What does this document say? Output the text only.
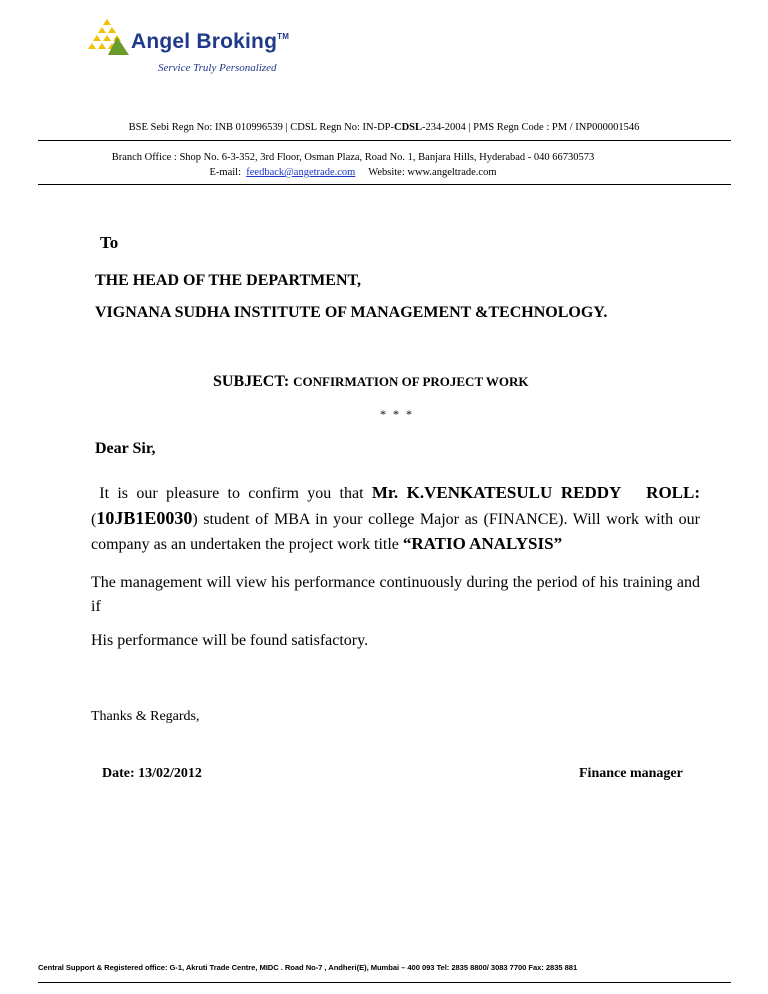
Angel Broking™
Service Truly Personalized
BSE Sebi Regn No: INB 010996539 | CDSL Regn No: IN-DP-CDSL-234-2004 | PMS Regn Code : PM / INP000001546
Branch Office : Shop No. 6-3-352, 3rd Floor, Osman Plaza, Road No. 1, Banjara Hills, Hyderabad - 040 66730573
E-mail: feedback@angetrade.com Website: www.angeltrade.com
To
THE HEAD OF THE DEPARTMENT,
VIGNANA SUDHA INSTITUTE OF MANAGEMENT &TECHNOLOGY.
SUBJECT: CONFIRMATION OF PROJECT WORK
* * *
Dear Sir,
It is our pleasure to confirm you that Mr. K.VENKATESULU REDDY ROLL: (10JB1E0030) student of MBA in your college Major as (FINANCE). Will work with our company as an undertaken the project work title “RATIO ANALYSIS”
The management will view his performance continuously during the period of his training and if
His performance will be found satisfactory.
Thanks & Regards,
Date: 13/02/2012	Finance manager
Central Support & Registered office: G-1, Akruti Trade Centre, MIDC . Road No-7 , Andheri(E), Mumbai – 400 093 Tel: 2835 8800/ 3083 7700 Fax: 2835 881
